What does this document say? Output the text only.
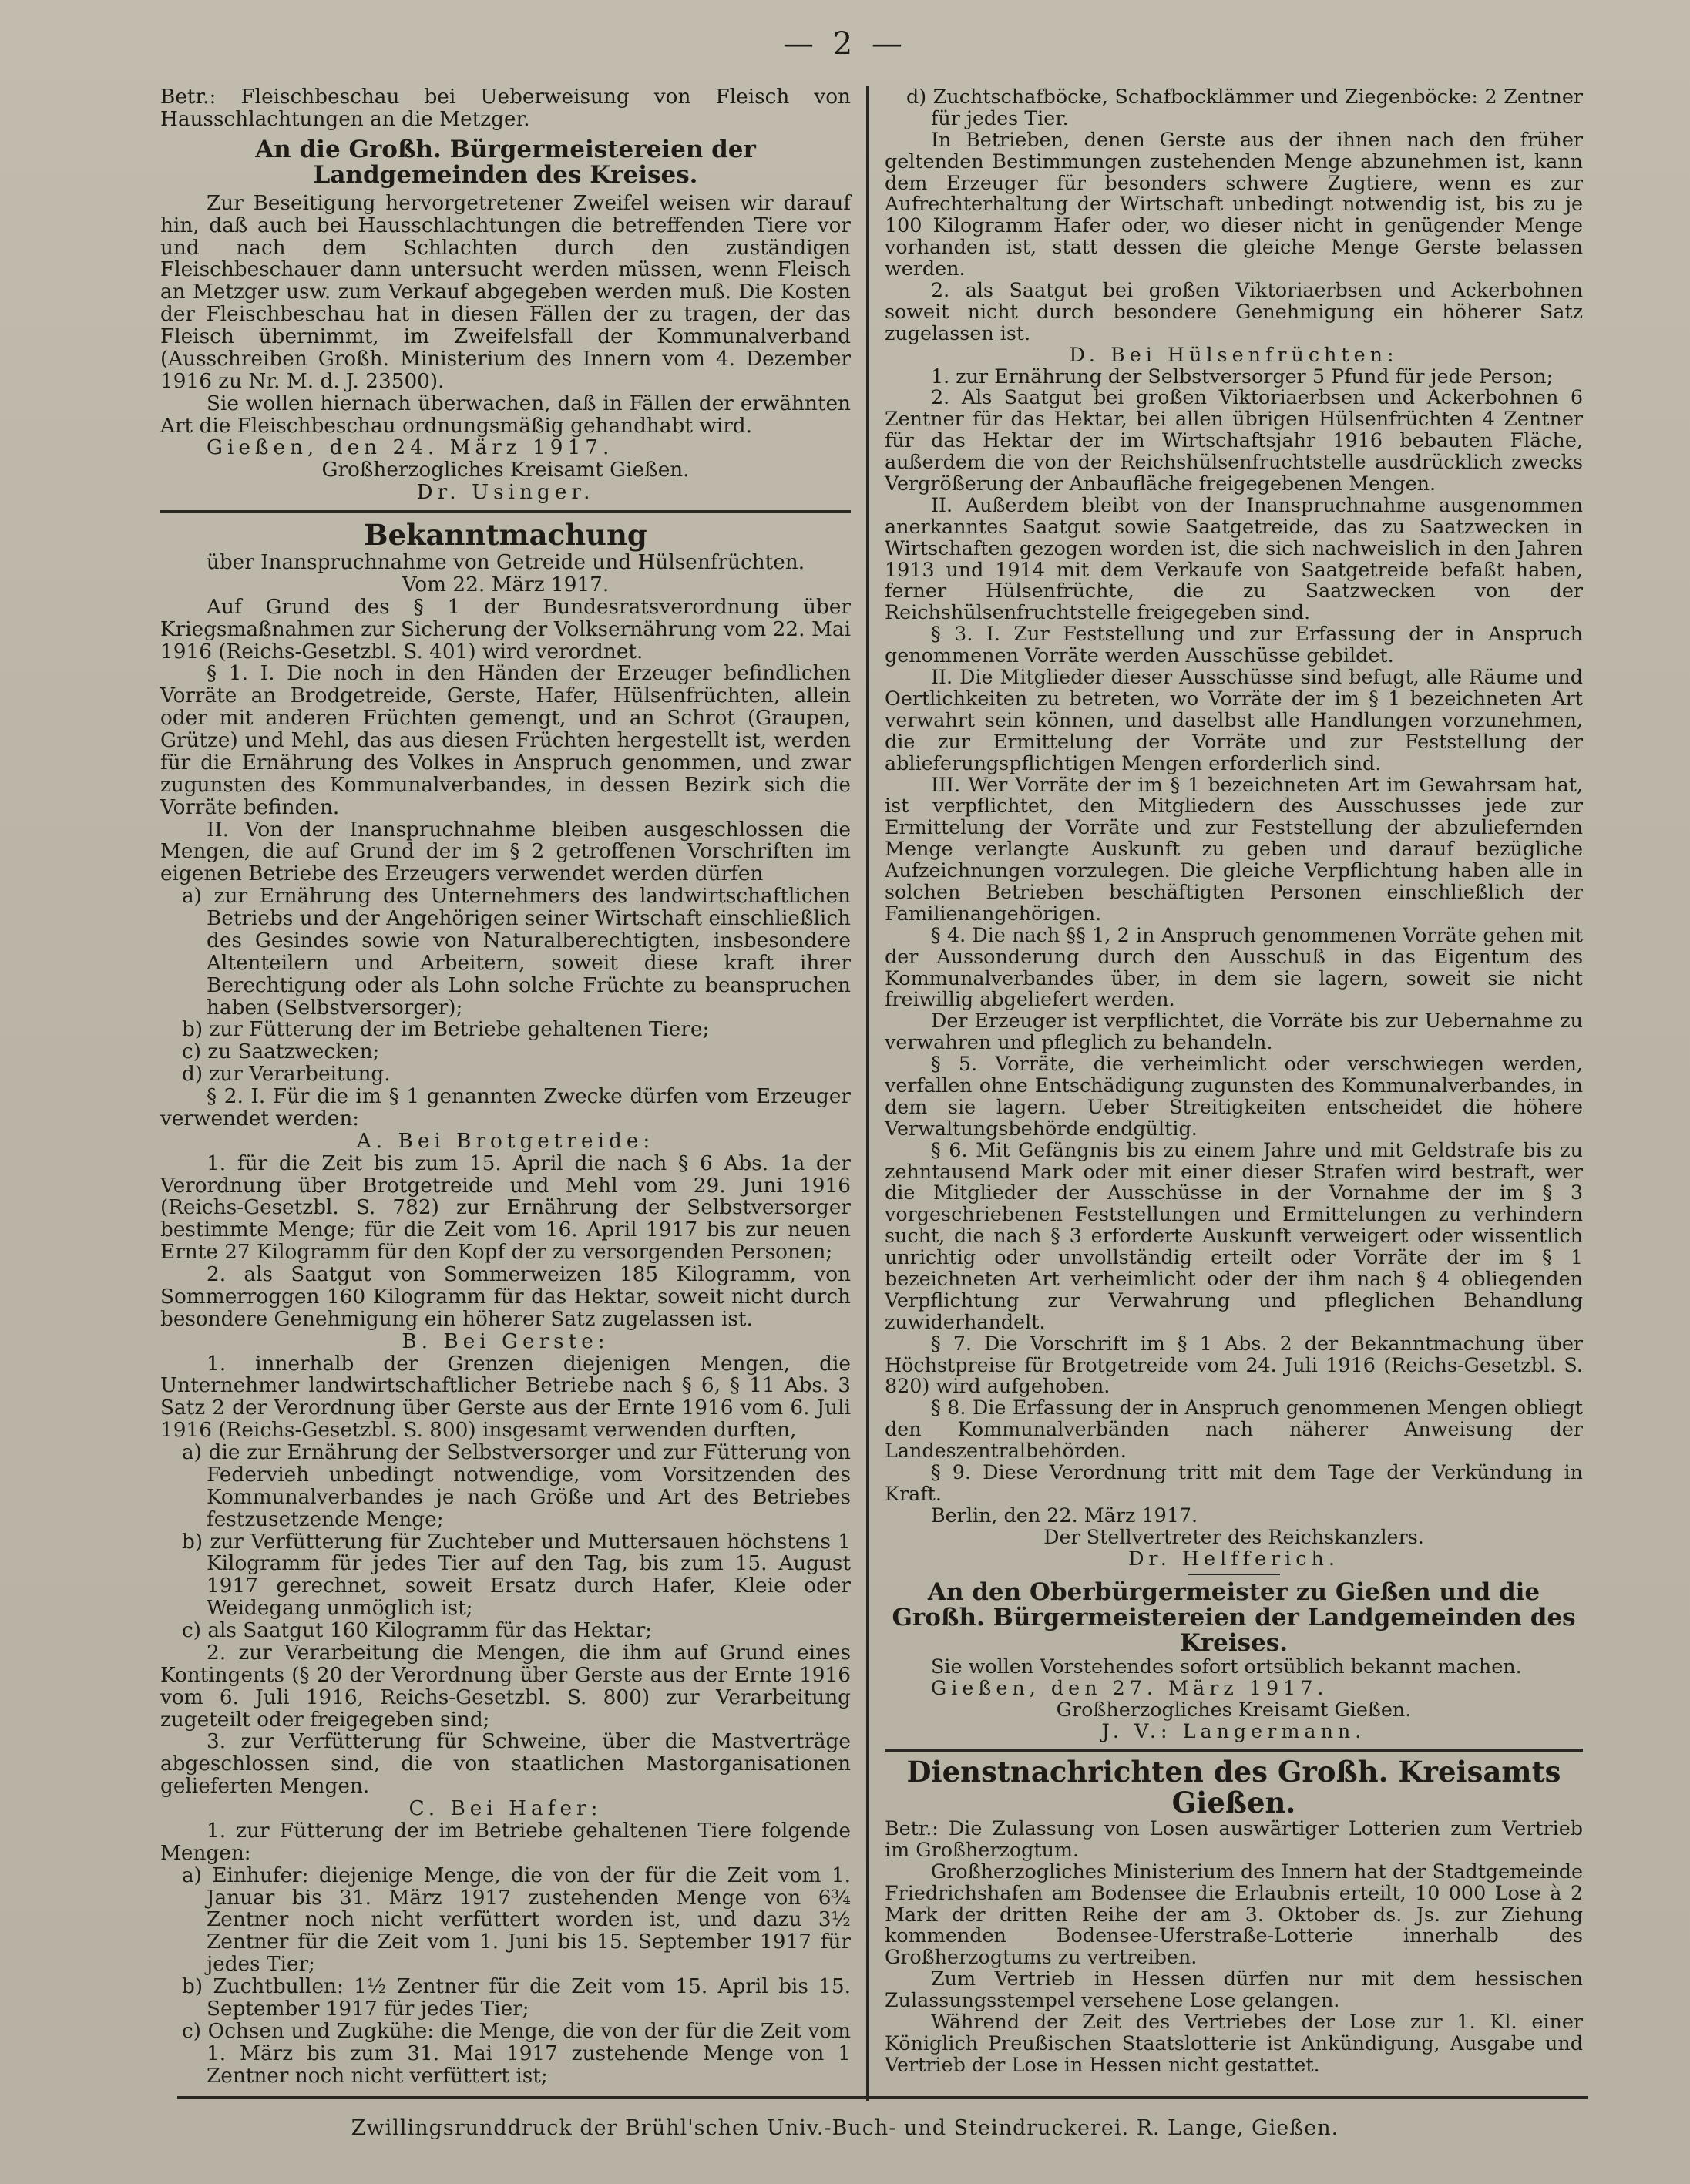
— 2 —

Betr.: Fleischbeschau bei Ueberweisung von Fleisch von Hausschlachtungen an die Metzger.

An die Großh. Bürgermeistereien der Landgemeinden des Kreises.

Zur Beseitigung hervorgetretener Zweifel weisen wir darauf hin, daß auch bei Hausschlachtungen die betreffenden Tiere vor und nach dem Schlachten durch den zuständigen Fleischbeschauer dann untersucht werden müssen, wenn Fleisch an Metzger usw. zum Verkauf abgegeben werden muß. Die Kosten der Fleischbeschau hat in diesen Fällen der zu tragen, der das Fleisch übernimmt, im Zweifelsfall der Kommunalverband (Ausschreiben Großh. Ministerium des Innern vom 4. Dezember 1916 zu Nr. M. d. J. 23500).

Sie wollen hiernach überwachen, daß in Fällen der erwähnten Art die Fleischbeschau ordnungsmäßig gehandhabt wird.

Gießen, den 24. März 1917.

Großherzogliches Kreisamt Gießen.

Dr. Usinger.

Bekanntmachung

über Inanspruchnahme von Getreide und Hülsenfrüchten.

Vom 22. März 1917.

Auf Grund des § 1 der Bundesratsverordnung über Kriegsmaßnahmen zur Sicherung der Volksernährung vom 22. Mai 1916 (Reichs-Gesetzbl. S. 401) wird verordnet.

§ 1. I. Die noch in den Händen der Erzeuger befindlichen Vorräte an Brodgetreide, Gerste, Hafer, Hülsenfrüchten, allein oder mit anderen Früchten gemengt, und an Schrot (Graupen, Grütze) und Mehl, das aus diesen Früchten hergestellt ist, werden für die Ernährung des Volkes in Anspruch genommen, und zwar zugunsten des Kommunalverbandes, in dessen Bezirk sich die Vorräte befinden.

II. Von der Inanspruchnahme bleiben ausgeschlossen die Mengen, die auf Grund der im § 2 getroffenen Vorschriften im eigenen Betriebe des Erzeugers verwendet werden dürfen

a) zur Ernährung des Unternehmers des landwirtschaftlichen Betriebs und der Angehörigen seiner Wirtschaft einschließlich des Gesindes sowie von Naturalberechtigten, insbesondere Altenteilern und Arbeitern, soweit diese kraft ihrer Berechtigung oder als Lohn solche Früchte zu beanspruchen haben (Selbstversorger);

b) zur Fütterung der im Betriebe gehaltenen Tiere;

c) zu Saatzwecken;

d) zur Verarbeitung.

§ 2. I. Für die im § 1 genannten Zwecke dürfen vom Erzeuger verwendet werden:

A. Bei Brotgetreide:

1. für die Zeit bis zum 15. April die nach § 6 Abs. 1a der Verordnung über Brotgetreide und Mehl vom 29. Juni 1916 (Reichs-Gesetzbl. S. 782) zur Ernährung der Selbstversorger bestimmte Menge; für die Zeit vom 16. April 1917 bis zur neuen Ernte 27 Kilogramm für den Kopf der zu versorgenden Personen;

2. als Saatgut von Sommerweizen 185 Kilogramm, von Sommerroggen 160 Kilogramm für das Hektar, soweit nicht durch besondere Genehmigung ein höherer Satz zugelassen ist.

B. Bei Gerste:

1. innerhalb der Grenzen diejenigen Mengen, die Unternehmer landwirtschaftlicher Betriebe nach § 6, § 11 Abs. 3 Satz 2 der Verordnung über Gerste aus der Ernte 1916 vom 6. Juli 1916 (Reichs-Gesetzbl. S. 800) insgesamt verwenden durften,

a) die zur Ernährung der Selbstversorger und zur Fütterung von Federvieh unbedingt notwendige, vom Vorsitzenden des Kommunalverbandes je nach Größe und Art des Betriebes festzusetzende Menge;

b) zur Verfütterung für Zuchteber und Muttersauen höchstens 1 Kilogramm für jedes Tier auf den Tag, bis zum 15. August 1917 gerechnet, soweit Ersatz durch Hafer, Kleie oder Weidegang unmöglich ist;

c) als Saatgut 160 Kilogramm für das Hektar;

2. zur Verarbeitung die Mengen, die ihm auf Grund eines Kontingents (§ 20 der Verordnung über Gerste aus der Ernte 1916 vom 6. Juli 1916, Reichs-Gesetzbl. S. 800) zur Verarbeitung zugeteilt oder freigegeben sind;

3. zur Verfütterung für Schweine, über die Mastverträge abgeschlossen sind, die von staatlichen Mastorganisationen gelieferten Mengen.

C. Bei Hafer:

1. zur Fütterung der im Betriebe gehaltenen Tiere folgende Mengen:

a) Einhufer: diejenige Menge, die von der für die Zeit vom 1. Januar bis 31. März 1917 zustehenden Menge von 6¾ Zentner noch nicht verfüttert worden ist, und dazu 3½ Zentner für die Zeit vom 1. Juni bis 15. September 1917 für jedes Tier;

b) Zuchtbullen: 1½ Zentner für die Zeit vom 15. April bis 15. September 1917 für jedes Tier;

c) Ochsen und Zugkühe: die Menge, die von der für die Zeit vom 1. März bis zum 31. Mai 1917 zustehende Menge von 1 Zentner noch nicht verfüttert ist;

d) Zuchtschafböcke, Schafbocklämmer und Ziegenböcke: 2 Zentner für jedes Tier.

In Betrieben, denen Gerste aus der ihnen nach den früher geltenden Bestimmungen zustehenden Menge abzunehmen ist, kann dem Erzeuger für besonders schwere Zugtiere, wenn es zur Aufrechterhaltung der Wirtschaft unbedingt notwendig ist, bis zu je 100 Kilogramm Hafer oder, wo dieser nicht in genügender Menge vorhanden ist, statt dessen die gleiche Menge Gerste belassen werden.

2. als Saatgut bei großen Viktoriaerbsen und Ackerbohnen soweit nicht durch besondere Genehmigung ein höherer Satz zugelassen ist.

D. Bei Hülsenfrüchten:

1. zur Ernährung der Selbstversorger 5 Pfund für jede Person;

2. Als Saatgut bei großen Viktoriaerbsen und Ackerbohnen 6 Zentner für das Hektar, bei allen übrigen Hülsenfrüchten 4 Zentner für das Hektar der im Wirtschaftsjahr 1916 bebauten Fläche, außerdem die von der Reichshülsenfruchtstelle ausdrücklich zwecks Vergrößerung der Anbaufläche freigegebenen Mengen.

II. Außerdem bleibt von der Inanspruchnahme ausgenommen anerkanntes Saatgut sowie Saatgetreide, das zu Saatzwecken in Wirtschaften gezogen worden ist, die sich nachweislich in den Jahren 1913 und 1914 mit dem Verkaufe von Saatgetreide befaßt haben, ferner Hülsenfrüchte, die zu Saatzwecken von der Reichshülsenfruchtstelle freigegeben sind.

§ 3. I. Zur Feststellung und zur Erfassung der in Anspruch genommenen Vorräte werden Ausschüsse gebildet.

II. Die Mitglieder dieser Ausschüsse sind befugt, alle Räume und Oertlichkeiten zu betreten, wo Vorräte der im § 1 bezeichneten Art verwahrt sein können, und daselbst alle Handlungen vorzunehmen, die zur Ermittelung der Vorräte und zur Feststellung der ablieferungspflichtigen Mengen erforderlich sind.

III. Wer Vorräte der im § 1 bezeichneten Art im Gewahrsam hat, ist verpflichtet, den Mitgliedern des Ausschusses jede zur Ermittelung der Vorräte und zur Feststellung der abzuliefernden Menge verlangte Auskunft zu geben und darauf bezügliche Aufzeichnungen vorzulegen. Die gleiche Verpflichtung haben alle in solchen Betrieben beschäftigten Personen einschließlich der Familienangehörigen.

§ 4. Die nach §§ 1, 2 in Anspruch genommenen Vorräte gehen mit der Aussonderung durch den Ausschuß in das Eigentum des Kommunalverbandes über, in dem sie lagern, soweit sie nicht freiwillig abgeliefert werden.

Der Erzeuger ist verpflichtet, die Vorräte bis zur Uebernahme zu verwahren und pfleglich zu behandeln.

§ 5. Vorräte, die verheimlicht oder verschwiegen werden, verfallen ohne Entschädigung zugunsten des Kommunalverbandes, in dem sie lagern. Ueber Streitigkeiten entscheidet die höhere Verwaltungsbehörde endgültig.

§ 6. Mit Gefängnis bis zu einem Jahre und mit Geldstrafe bis zu zehntausend Mark oder mit einer dieser Strafen wird bestraft, wer die Mitglieder der Ausschüsse in der Vornahme der im § 3 vorgeschriebenen Feststellungen und Ermittelungen zu verhindern sucht, die nach § 3 erforderte Auskunft verweigert oder wissentlich unrichtig oder unvollständig erteilt oder Vorräte der im § 1 bezeichneten Art verheimlicht oder der ihm nach § 4 obliegenden Verpflichtung zur Verwahrung und pfleglichen Behandlung zuwiderhandelt.

§ 7. Die Vorschrift im § 1 Abs. 2 der Bekanntmachung über Höchstpreise für Brotgetreide vom 24. Juli 1916 (Reichs-Gesetzbl. S. 820) wird aufgehoben.

§ 8. Die Erfassung der in Anspruch genommenen Mengen obliegt den Kommunalverbänden nach näherer Anweisung der Landeszentralbehörden.

§ 9. Diese Verordnung tritt mit dem Tage der Verkündung in Kraft.

Berlin, den 22. März 1917.

Der Stellvertreter des Reichskanzlers.

Dr. Helfferich.

An den Oberbürgermeister zu Gießen und die Großh. Bürgermeistereien der Landgemeinden des Kreises.

Sie wollen Vorstehendes sofort ortsüblich bekannt machen.

Gießen, den 27. März 1917.

Großherzogliches Kreisamt Gießen.

J. V.: Langermann.

Dienstnachrichten des Großh. Kreisamts Gießen.

Betr.: Die Zulassung von Losen auswärtiger Lotterien zum Vertrieb im Großherzogtum.

Großherzogliches Ministerium des Innern hat der Stadtgemeinde Friedrichshafen am Bodensee die Erlaubnis erteilt, 10 000 Lose à 2 Mark der dritten Reihe der am 3. Oktober ds. Js. zur Ziehung kommenden Bodensee-Uferstraße-Lotterie innerhalb des Großherzogtums zu vertreiben.

Zum Vertrieb in Hessen dürfen nur mit dem hessischen Zulassungsstempel versehene Lose gelangen.

Während der Zeit des Vertriebes der Lose zur 1. Kl. einer Königlich Preußischen Staatslotterie ist Ankündigung, Ausgabe und Vertrieb der Lose in Hessen nicht gestattet.

Zwillingsrunddruck der Brühl'schen Univ.-Buch- und Steindruckerei. R. Lange, Gießen.
